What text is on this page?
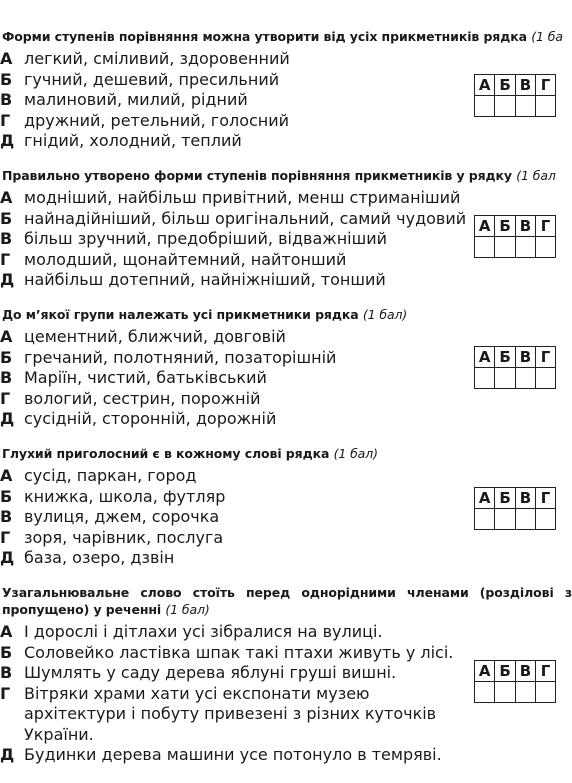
Форми ступенів порівняння можна утворити від усіх прикметників рядка (1 ба
А легкий, сміливий, здоровенний
Б гучний, дешевий, пресильний
В малиновий, милий, рідний
Г дружний, ретельний, голосний
Д гнідий, холодний, теплий
А	Б	В	Г

Правильно утворено форми ступенів порівняння прикметників у рядку (1 бал
А модніший, найбільш привітний, менш стриманіший
Б найнадійніший, більш оригінальний, самий чудовий
В більш зручний, предобріший, відважніший
Г молодший, щонайтемний, найтонший
Д найбільш дотепний, найніжніший, тонший
А	Б	В	Г

До м’якої групи належать усі прикметники рядка (1 бал)
А цементний, ближчий, довговій
Б гречаний, полотняний, позаторішній
В Маріїн, чистий, батьківський
Г вологий, сестрин, порожній
Д сусідній, сторонній, дорожній
А	Б	В	Г

Глухий приголосний є в кожному слові рядка (1 бал)
А сусід, паркан, город
Б книжка, школа, футляр
В вулиця, джем, сорочка
Г зоря, чарівник, послуга
Д база, озеро, дзвін
А	Б	В	Г

Узагальнювальне слово стоїть перед однорідними членами (розділові з пропущено) у реченні (1 бал)
А І дорослі і дітлахи усі зібралися на вулиці.
Б Соловейко ластівка шпак такі птахи живуть у лісі.
В Шумлять у саду дерева яблуні груші вишні.
Г Вітряки храми хати усі експонати музею архітектури і побуту привезені з різних куточків України.
Д Будинки дерева машини усе потонуло в темряві.
А	Б	В	Г
